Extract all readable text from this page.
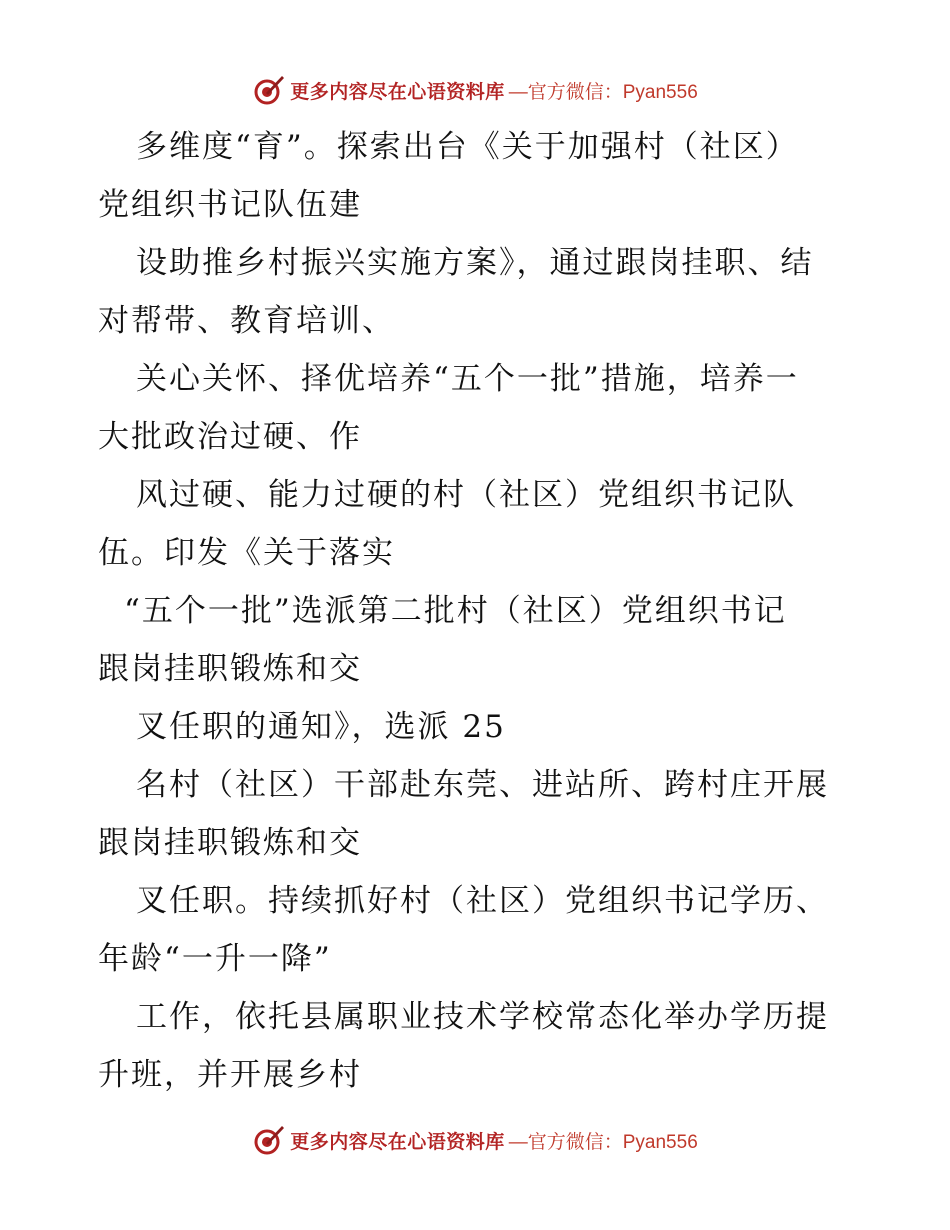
更多内容尽在心语资料库 —官方微信：Pyan556
多维度“育”。探索出台《关于加强村（社区）
党组织书记队伍建
设助推乡村振兴实施方案》，通过跟岗挂职、结
对帮带、教育培训、
关心关怀、择优培养“五个一批”措施，培养一
大批政治过硬、作
风过硬、能力过硬的村（社区）党组织书记队
伍。印发《关于落实
“五个一批”选派第二批村（社区）党组织书记
跟岗挂职锻炼和交
叉任职的通知》，选派 25
名村（社区）干部赴东莞、进站所、跨村庄开展
跟岗挂职锻炼和交
叉任职。持续抓好村（社区）党组织书记学历、
年龄“一升一降”
工作，依托县属职业技术学校常态化举办学历提
升班，并开展乡村
更多内容尽在心语资料库 —官方微信：Pyan556
